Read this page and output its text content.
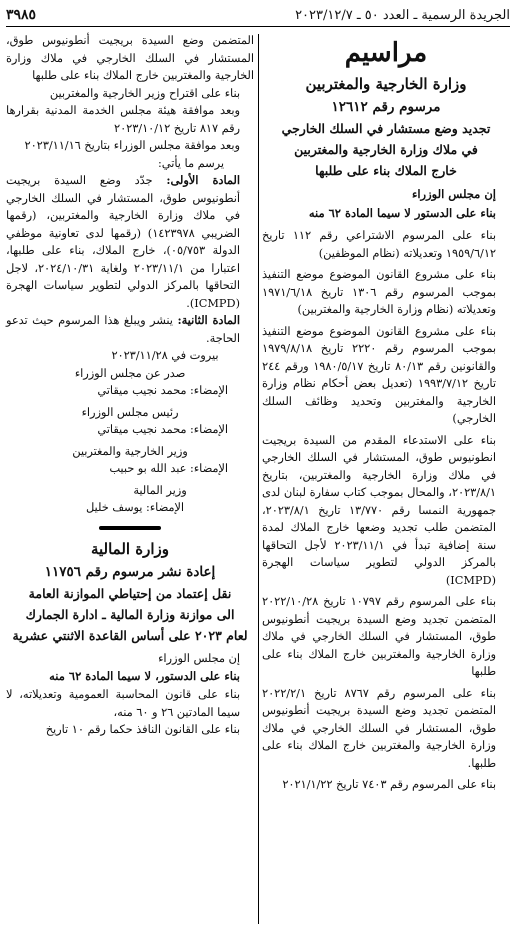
الجريدة الرسمية ـ العدد ٥٠ ـ ٢٠٢٣/١٢/٧
٣٩٨٥

مراسيم

وزارة الخارجية والمغتربين

مرسوم رقم ١٢٦١٢

تجديد وضع مستشار في السلك الخارجي

في ملاك وزارة الخارجية والمغتربين

خارج الملاك بناء على طلبها

إن مجلس الوزراء

بناء على الدستور لا سيما المادة ٦٢ منه

بناء على المرسوم الاشتراعي رقم ١١٢ تاريخ ١٩٥٩/٦/١٢ وتعديلاته (نظام الموظفين)

بناء على مشروع القانون الموضوع موضع التنفيذ بموجب المرسوم رقم ١٣٠٦ تاريخ ١٩٧١/٦/١٨ وتعديلاته (نظام وزارة الخارجية والمغتربين)

بناء على مشروع القانون الموضوع موضع التنفيذ بموجب المرسوم رقم ٢٢٢٠ تاريخ ١٩٧٩/٨/١٨ والقانونين رقم ٨٠/١٣ تاريخ ١٩٨٠/٥/١٧ ورقم ٢٤٤ تاريخ ١٩٩٣/٧/١٢ (تعديل بعض أحكام نظام وزارة الخارجية والمغتربين وتحديد وظائف السلك الخارجي)

بناء على الاستدعاء المقدم من السيدة بريجيت انطونيوس طوق، المستشار في السلك الخارجي في ملاك وزارة الخارجية والمغتربين، بتاريخ ٢٠٢٣/٨/١، والمحال بموجب كتاب سفارة لبنان لدى جمهورية النمسا رقم ١٣/٧٧٠ تاريخ ٢٠٢٣/٨/١، المتضمن طلب تجديد وضعها خارج الملاك لمدة سنة إضافية تبدأ في ٢٠٢٣/١١/١ لأجل التحاقها بالمركز الدولي لتطوير سياسات الهجرة (ICMPD)

بناء على المرسوم رقم ١٠٧٩٧ تاريخ ٢٠٢٢/١٠/٢٨ المتضمن تجديد وضع السيدة بريجيت أنطونيوس طوق، المستشار في السلك الخارجي في ملاك وزارة الخارجية والمغتربين خارج الملاك بناء على طلبها

بناء على المرسوم رقم ٨٧٦٧ تاريخ ٢٠٢٢/٢/١ المتضمن تجديد وضع السيدة بريجيت أنطونيوس طوق، المستشار في السلك الخارجي في ملاك وزارة الخارجية والمغتربين خارج الملاك بناء على طلبها.

بناء على المرسوم رقم ٧٤٠٣ تاريخ ٢٠٢١/١/٢٢

المتضمن وضع السيدة بريجيت أنطونيوس طوق، المستشار في السلك الخارجي في ملاك وزارة الخارجية والمغتربين خارج الملاك بناء على طلبها

بناء على اقتراح وزير الخارجية والمغتربين

وبعد موافقة هيئة مجلس الخدمة المدنية بقرارها رقم ٨١٧ تاريخ ٢٠٢٣/١٠/١٢

وبعد موافقة مجلس الوزراء بتاريخ ٢٠٢٣/١١/١٦

يرسم ما يأتي:

المادة الأولى: جدّد وضع السيدة بريجيت أنطونيوس طوق، المستشار في السلك الخارجي في ملاك وزارة الخارجية والمغتربين، (رقمها الضريبي ١٤٢٣٩٧٨) (رقمها لدى تعاونية موظفي الدولة ٠٥/٧٥٣)، خارج الملاك، بناء على طلبها، اعتبارا من ٢٠٢٣/١١/١ ولغاية ٢٠٢٤/١٠/٣١، لاجل التحاقها بالمركز الدولي لتطوير سياسات الهجرة (ICMPD).

المادة الثانية: ينشر ويبلغ هذا المرسوم حيث تدعو الحاجة.

بيروت في ٢٠٢٣/١١/٢٨

صدر عن مجلس الوزراء

الإمضاء: محمد نجيب ميقاتي

رئيس مجلس الوزراء

الإمضاء: محمد نجيب ميقاتي

وزير الخارجية والمغتربين

الإمضاء: عبد الله بو حبيب

وزير المالية

الإمضاء: يوسف خليل

وزارة المالية

إعادة نشر مرسوم رقم ١١٧٥٦

نقل إعتماد من إحتياطي الموازنة العامة

الى موازنة وزارة المالية ـ ادارة الجمارك

لعام ٢٠٢٣ على أساس القاعدة الاثنتي عشرية

إن مجلس الوزراء

بناء على الدستور، لا سيما المادة ٦٢ منه

بناء على قانون المحاسبة العمومية وتعديلاته، لا سيما المادتين ٢٦ و ٦٠ منه،

بناء على القانون النافذ حكما رقم ١٠ تاريخ
